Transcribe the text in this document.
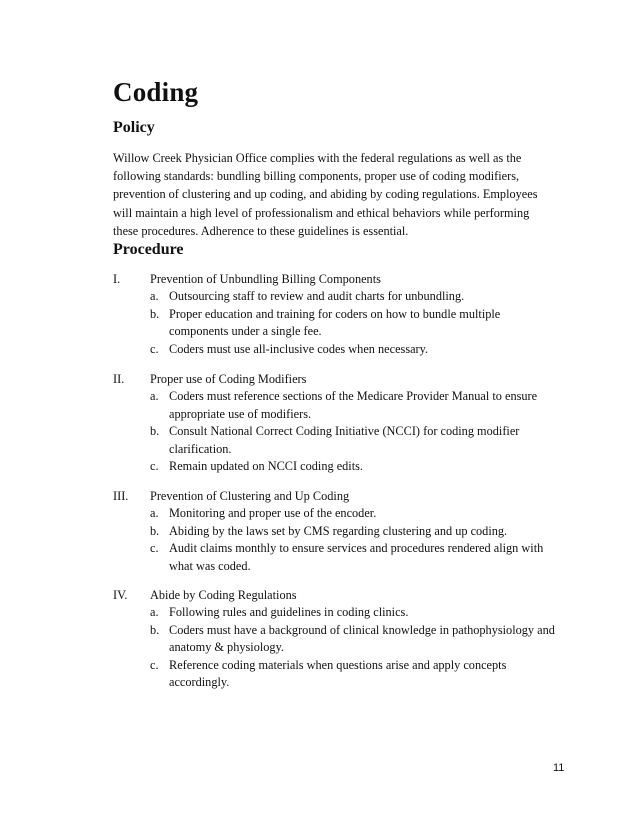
Coding
Policy

Willow Creek Physician Office complies with the federal regulations as well as the
following standards: bundling billing components, proper use of coding modifiers,
prevention of clustering and up coding, and abiding by coding regulations. Employees
will maintain a high level of professionalism and ethical behaviors while performing
these procedures. Adherence to these guidelines is essential.

Procedure
I. Prevention of Unbundling Billing Components
a. Outsourcing staff to review and audit charts for unbundling.
b. Proper education and training for coders on how to bundle multiple
components under a single fee.
c. Coders must use all-inclusive codes when necessary.
II. Proper use of Coding Modifiers
a. Coders must reference sections of the Medicare Provider Manual to ensure
appropriate use of modifiers.
b. Consult National Correct Coding Initiative (NCCI) for coding modifier
clarification.
c. Remain updated on NCCI coding edits.
III. Prevention of Clustering and Up Coding
a. Monitoring and proper use of the encoder.
b. Abiding by the laws set by CMS regarding clustering and up coding.
c. Audit claims monthly to ensure services and procedures rendered align with
what was coded.
IV. Abide by Coding Regulations
a. Following rules and guidelines in coding clinics.
b. Coders must have a background of clinical knowledge in pathophysiology and
anatomy & physiology.
c. Reference coding materials when questions arise and apply concepts
accordingly.
11
